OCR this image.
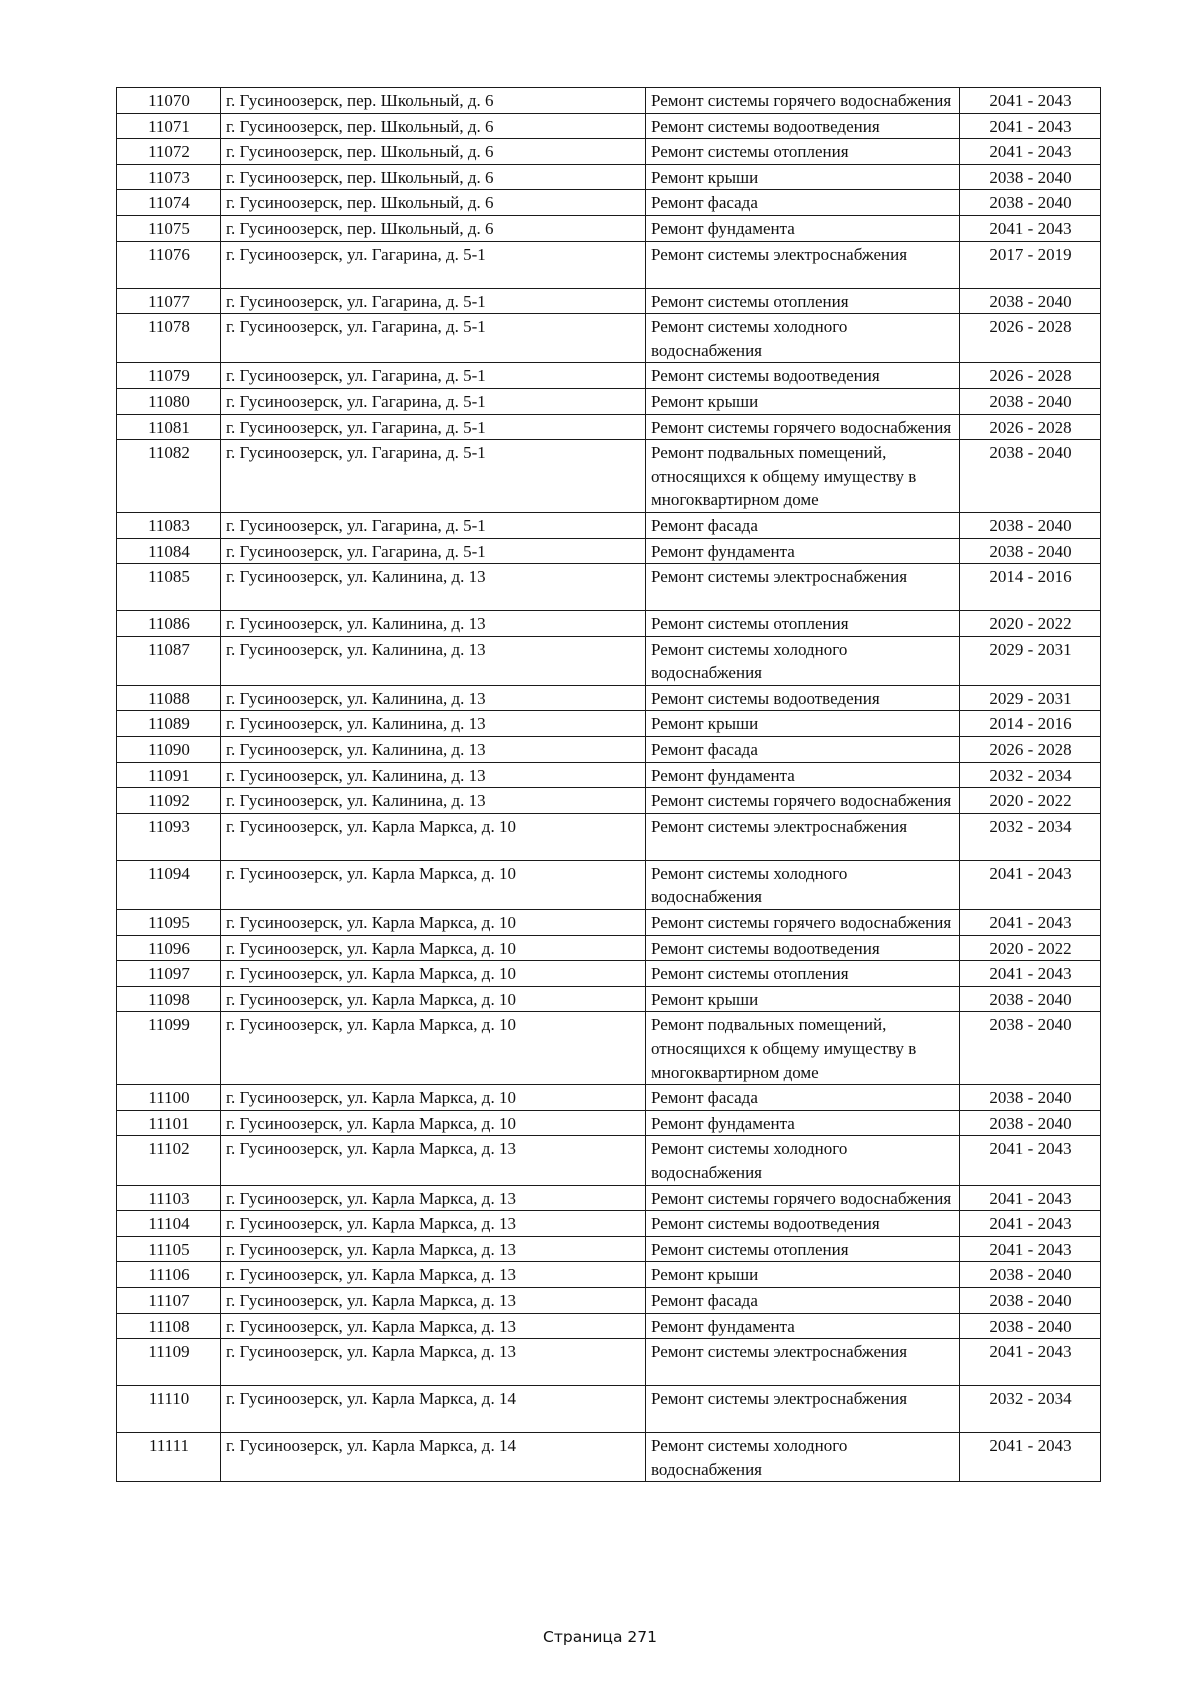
11070	г. Гусиноозерск, пер. Школьный, д. 6	Ремонт системы горячего водоснабжения	2041 - 2043
11071	г. Гусиноозерск, пер. Школьный, д. 6	Ремонт системы водоотведения	2041 - 2043
11072	г. Гусиноозерск, пер. Школьный, д. 6	Ремонт системы отопления	2041 - 2043
11073	г. Гусиноозерск, пер. Школьный, д. 6	Ремонт крыши	2038 - 2040
11074	г. Гусиноозерск, пер. Школьный, д. 6	Ремонт фасада	2038 - 2040
11075	г. Гусиноозерск, пер. Школьный, д. 6	Ремонт фундамента	2041 - 2043
11076	г. Гусиноозерск, ул. Гагарина, д. 5-1	Ремонт системы электроснабжения	2017 - 2019
11077	г. Гусиноозерск, ул. Гагарина, д. 5-1	Ремонт системы отопления	2038 - 2040
11078	г. Гусиноозерск, ул. Гагарина, д. 5-1	Ремонт системы холодного водоснабжения	2026 - 2028
11079	г. Гусиноозерск, ул. Гагарина, д. 5-1	Ремонт системы водоотведения	2026 - 2028
11080	г. Гусиноозерск, ул. Гагарина, д. 5-1	Ремонт крыши	2038 - 2040
11081	г. Гусиноозерск, ул. Гагарина, д. 5-1	Ремонт системы горячего водоснабжения	2026 - 2028
11082	г. Гусиноозерск, ул. Гагарина, д. 5-1	Ремонт подвальных помещений, относящихся к общему имуществу в многоквартирном доме	2038 - 2040
11083	г. Гусиноозерск, ул. Гагарина, д. 5-1	Ремонт фасада	2038 - 2040
11084	г. Гусиноозерск, ул. Гагарина, д. 5-1	Ремонт фундамента	2038 - 2040
11085	г. Гусиноозерск, ул. Калинина, д. 13	Ремонт системы электроснабжения	2014 - 2016
11086	г. Гусиноозерск, ул. Калинина, д. 13	Ремонт системы отопления	2020 - 2022
11087	г. Гусиноозерск, ул. Калинина, д. 13	Ремонт системы холодного водоснабжения	2029 - 2031
11088	г. Гусиноозерск, ул. Калинина, д. 13	Ремонт системы водоотведения	2029 - 2031
11089	г. Гусиноозерск, ул. Калинина, д. 13	Ремонт крыши	2014 - 2016
11090	г. Гусиноозерск, ул. Калинина, д. 13	Ремонт фасада	2026 - 2028
11091	г. Гусиноозерск, ул. Калинина, д. 13	Ремонт фундамента	2032 - 2034
11092	г. Гусиноозерск, ул. Калинина, д. 13	Ремонт системы горячего водоснабжения	2020 - 2022
11093	г. Гусиноозерск, ул. Карла Маркса, д. 10	Ремонт системы электроснабжения	2032 - 2034
11094	г. Гусиноозерск, ул. Карла Маркса, д. 10	Ремонт системы холодного водоснабжения	2041 - 2043
11095	г. Гусиноозерск, ул. Карла Маркса, д. 10	Ремонт системы горячего водоснабжения	2041 - 2043
11096	г. Гусиноозерск, ул. Карла Маркса, д. 10	Ремонт системы водоотведения	2020 - 2022
11097	г. Гусиноозерск, ул. Карла Маркса, д. 10	Ремонт системы отопления	2041 - 2043
11098	г. Гусиноозерск, ул. Карла Маркса, д. 10	Ремонт крыши	2038 - 2040
11099	г. Гусиноозерск, ул. Карла Маркса, д. 10	Ремонт подвальных помещений, относящихся к общему имуществу в многоквартирном доме	2038 - 2040
11100	г. Гусиноозерск, ул. Карла Маркса, д. 10	Ремонт фасада	2038 - 2040
11101	г. Гусиноозерск, ул. Карла Маркса, д. 10	Ремонт фундамента	2038 - 2040
11102	г. Гусиноозерск, ул. Карла Маркса, д. 13	Ремонт системы холодного водоснабжения	2041 - 2043
11103	г. Гусиноозерск, ул. Карла Маркса, д. 13	Ремонт системы горячего водоснабжения	2041 - 2043
11104	г. Гусиноозерск, ул. Карла Маркса, д. 13	Ремонт системы водоотведения	2041 - 2043
11105	г. Гусиноозерск, ул. Карла Маркса, д. 13	Ремонт системы отопления	2041 - 2043
11106	г. Гусиноозерск, ул. Карла Маркса, д. 13	Ремонт крыши	2038 - 2040
11107	г. Гусиноозерск, ул. Карла Маркса, д. 13	Ремонт фасада	2038 - 2040
11108	г. Гусиноозерск, ул. Карла Маркса, д. 13	Ремонт фундамента	2038 - 2040
11109	г. Гусиноозерск, ул. Карла Маркса, д. 13	Ремонт системы электроснабжения	2041 - 2043
11110	г. Гусиноозерск, ул. Карла Маркса, д. 14	Ремонт системы электроснабжения	2032 - 2034
11111	г. Гусиноозерск, ул. Карла Маркса, д. 14	Ремонт системы холодного водоснабжения	2041 - 2043
Страница 271
